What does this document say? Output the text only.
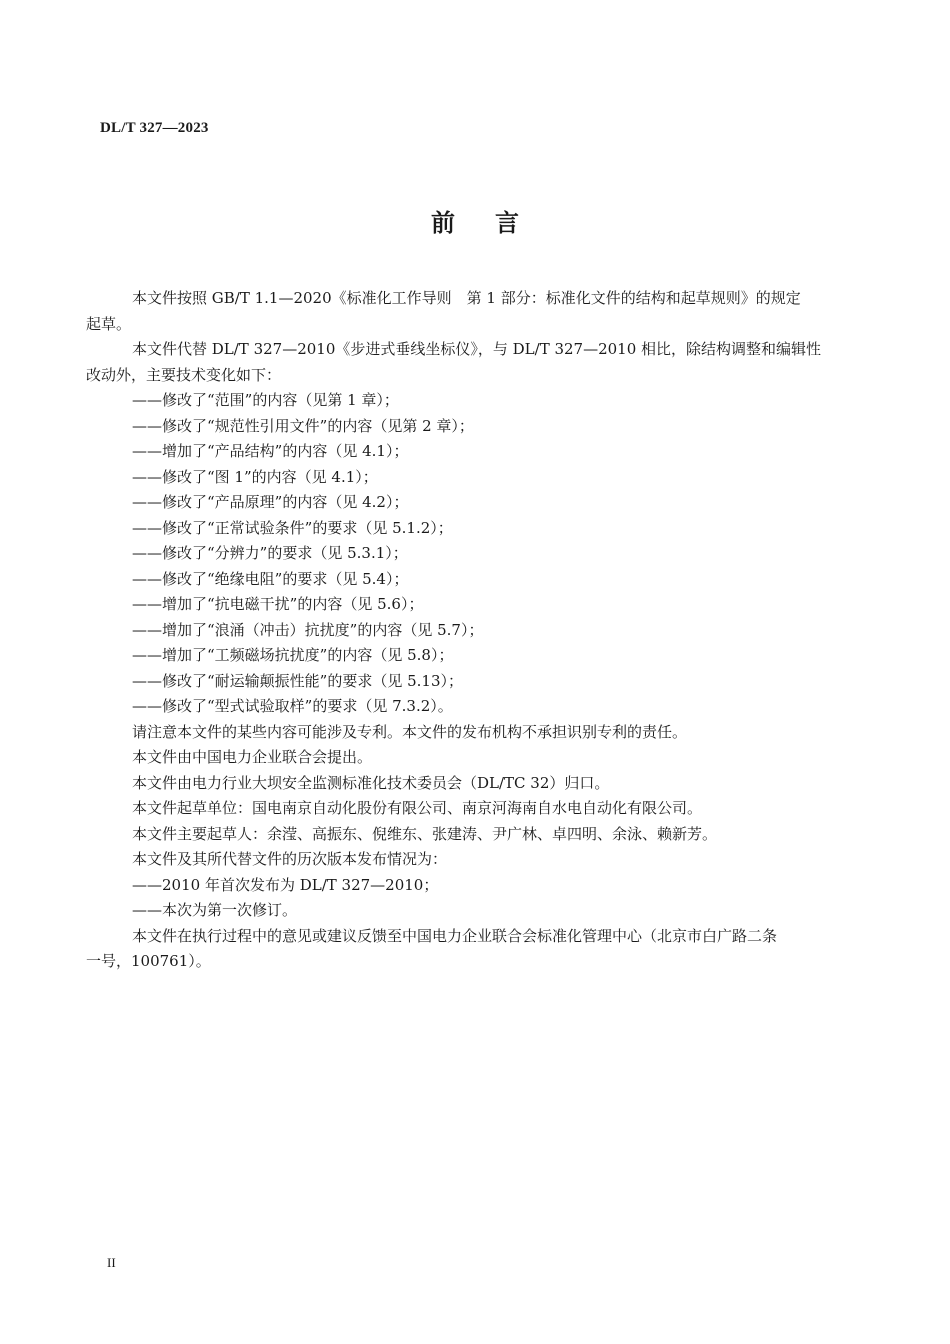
DL/T 327—2023
前言
本文件按照 GB/T 1.1—2020《标准化工作导则　第 1 部分：标准化文件的结构和起草规则》的规定
起草。
本文件代替 DL/T 327—2010《步进式垂线坐标仪》，与 DL/T 327—2010 相比，除结构调整和编辑性
改动外，主要技术变化如下：
——修改了“范围”的内容（见第 1 章）；
——修改了“规范性引用文件”的内容（见第 2 章）；
——增加了“产品结构”的内容（见 4.1）；
——修改了“图 1”的内容（见 4.1）；
——修改了“产品原理”的内容（见 4.2）；
——修改了“正常试验条件”的要求（见 5.1.2）；
——修改了“分辨力”的要求（见 5.3.1）；
——修改了“绝缘电阻”的要求（见 5.4）；
——增加了“抗电磁干扰”的内容（见 5.6）；
——增加了“浪涌（冲击）抗扰度”的内容（见 5.7）；
——增加了“工频磁场抗扰度”的内容（见 5.8）；
——修改了“耐运输颠振性能”的要求（见 5.13）；
——修改了“型式试验取样”的要求（见 7.3.2）。
请注意本文件的某些内容可能涉及专利。本文件的发布机构不承担识别专利的责任。
本文件由中国电力企业联合会提出。
本文件由电力行业大坝安全监测标准化技术委员会（DL/TC 32）归口。
本文件起草单位：国电南京自动化股份有限公司、南京河海南自水电自动化有限公司。
本文件主要起草人：余滢、高振东、倪维东、张建涛、尹广林、卓四明、余泳、赖新芳。
本文件及其所代替文件的历次版本发布情况为：
——2010 年首次发布为 DL/T 327—2010；
——本次为第一次修订。
本文件在执行过程中的意见或建议反馈至中国电力企业联合会标准化管理中心（北京市白广路二条
一号，100761）。
II
